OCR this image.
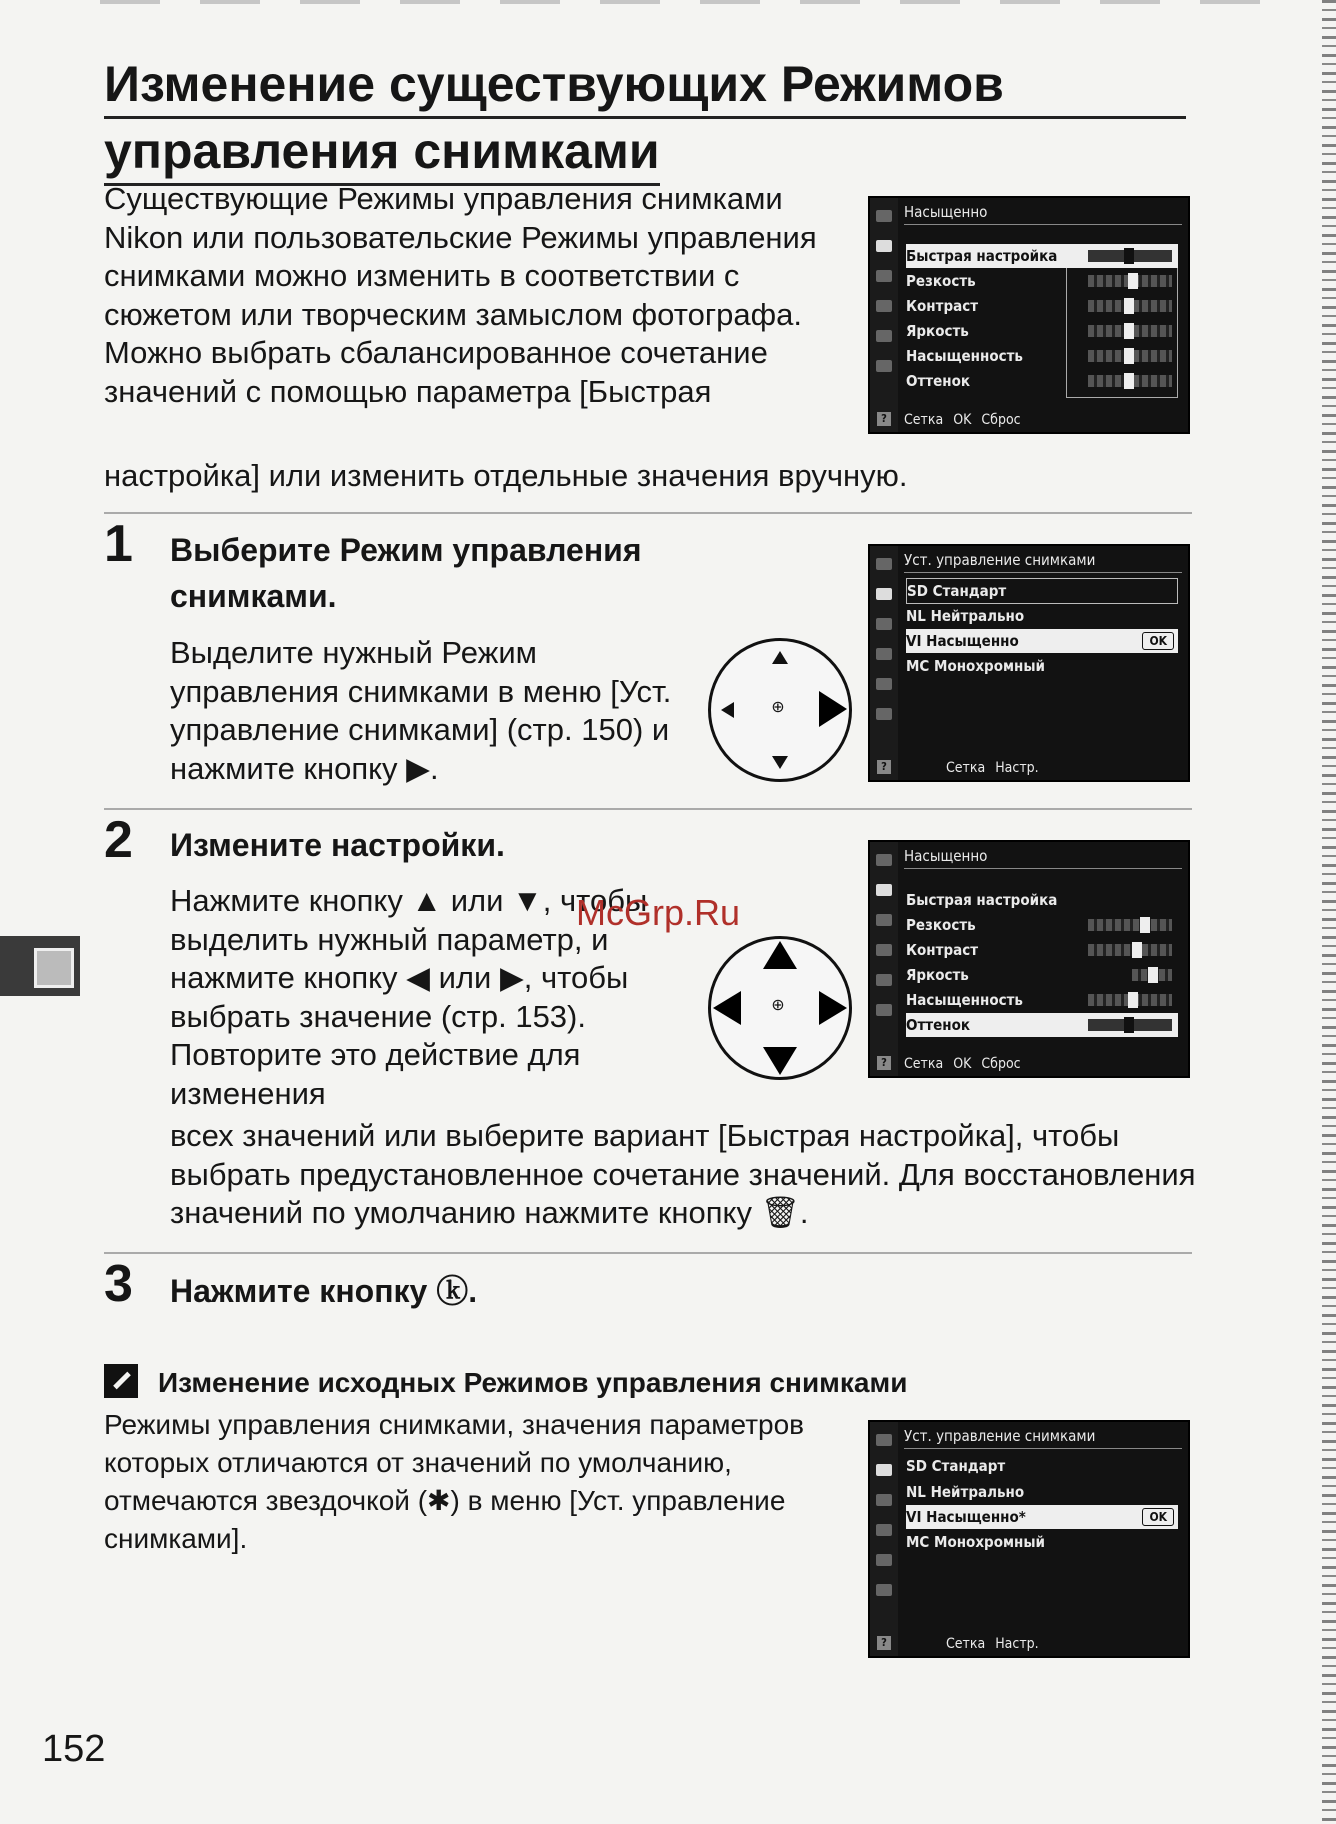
Изменение существующих Режимов
управления снимками
Существующие Режимы управления снимками Nikon или пользовательские Режимы управления снимками можно изменить в соответствии с сюжетом или творческим замыслом фотографа. Можно выбрать сбалансированное сочетание значений с помощью параметра [Быстрая
настройка] или изменить отдельные значения вручную.
Насыщенно
Быстрая настройка
Резкость
Контраст
Яркость
Насыщенность
Оттенок
Сетка OK Сброс
?
1 Выберите Режим управления снимками.
Выделите нужный Режим управления снимками в меню [Уст. управление снимками] (стр. 150) и нажмите кнопку ▶.
⊕
Уст. управление снимками
SD Стандарт
NL Нейтрально
VI Насыщенно	OK
MC Монохромный
Сетка Настр.
?
2 Измените настройки.
Нажмите кнопку ▲ или ▼, чтобы выделить нужный параметр, и нажмите кнопку ◀ или ▶, чтобы выбрать значение (стр. 153). Повторите это действие для изменения
всех значений или выберите вариант [Быстрая настройка], чтобы выбрать предустановленное сочетание значений. Для восстановления значений по умолчанию нажмите кнопку 🗑.
⊕
Насыщенно
Быстрая настройка
Резкость
Контраст
Яркость
Насыщенность
Оттенок
Сетка OK Сброс
?
McGrp.Ru
3 Нажмите кнопку ⓚ.
Изменение исходных Режимов управления снимками
Режимы управления снимками, значения параметров которых отличаются от значений по умолчанию, отмечаются звездочкой (✱) в меню [Уст. управление снимками].
Уст. управление снимками
SD Стандарт
NL Нейтрально
VI Насыщенно*	OK
MC Монохромный
Сетка Настр.
?
152
